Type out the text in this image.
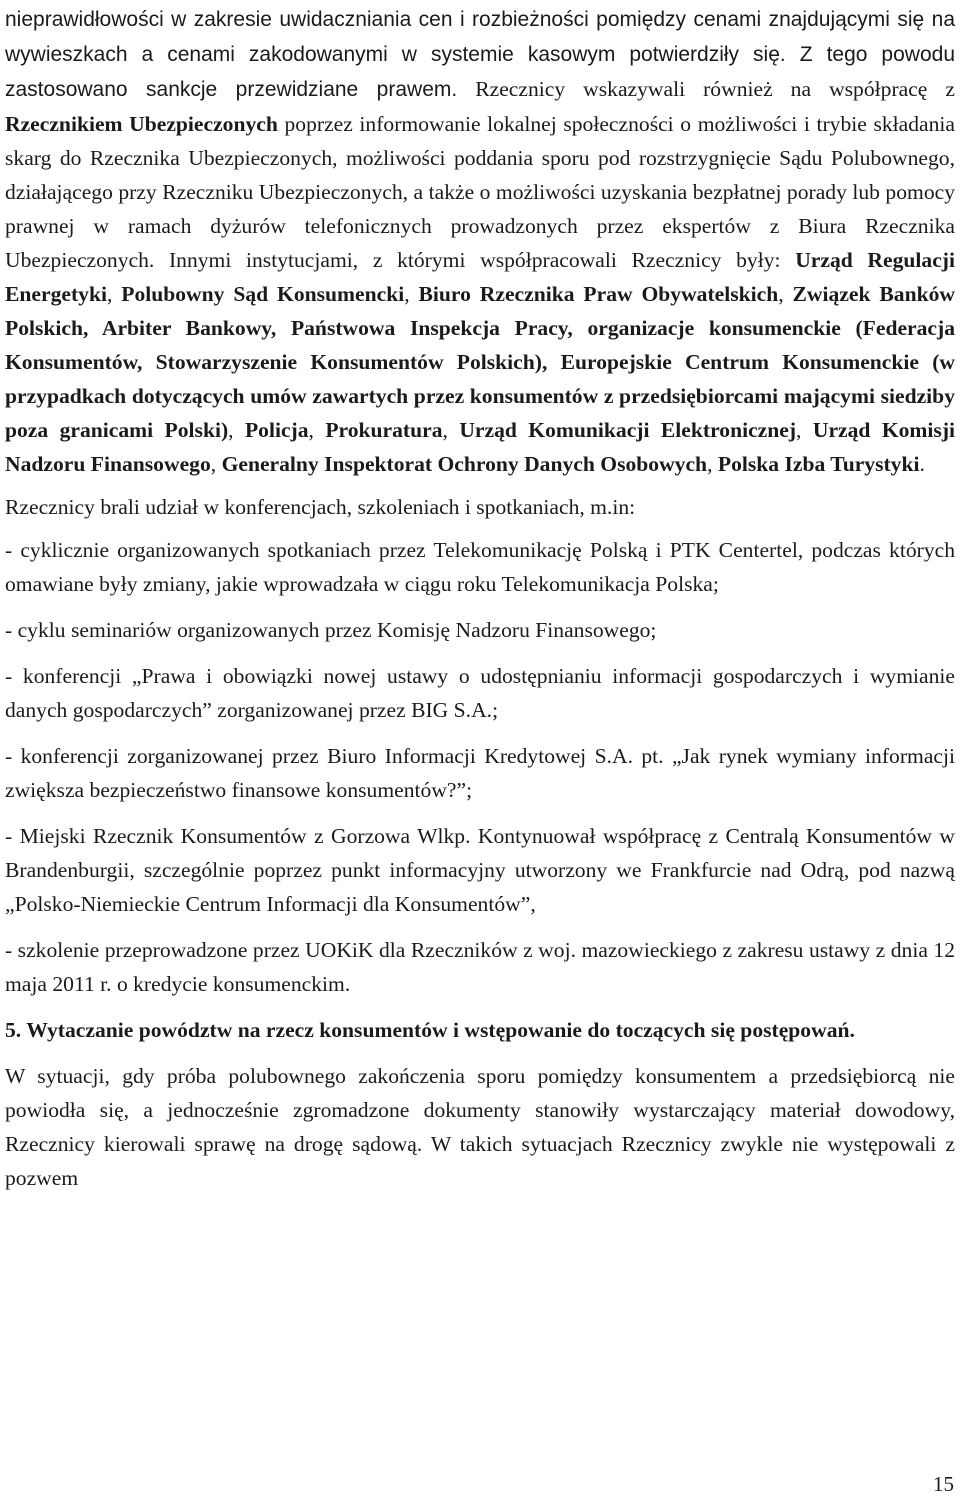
nieprawidłowości w zakresie uwidaczniania cen i rozbieżności pomiędzy cenami znajdującymi się na wywieszkach a cenami zakodowanymi w systemie kasowym potwierdziły się. Z tego powodu zastosowano sankcje przewidziane prawem. Rzecznicy wskazywali również na współpracę z Rzecznikiem Ubezpieczonych poprzez informowanie lokalnej społeczności o możliwości i trybie składania skarg do Rzecznika Ubezpieczonych, możliwości poddania sporu pod rozstrzygnięcie Sądu Polubownego, działającego przy Rzeczniku Ubezpieczonych, a także o możliwości uzyskania bezpłatnej porady lub pomocy prawnej w ramach dyżurów telefonicznych prowadzonych przez ekspertów z Biura Rzecznika Ubezpieczonych. Innymi instytucjami, z którymi współpracowali Rzecznicy były: Urząd Regulacji Energetyki, Polubowny Sąd Konsumencki, Biuro Rzecznika Praw Obywatelskich, Związek Banków Polskich, Arbiter Bankowy, Państwowa Inspekcja Pracy, organizacje konsumenckie (Federacja Konsumentów, Stowarzyszenie Konsumentów Polskich), Europejskie Centrum Konsumenckie (w przypadkach dotyczących umów zawartych przez konsumentów z przedsiębiorcami mającymi siedziby poza granicami Polski), Policja, Prokuratura, Urząd Komunikacji Elektronicznej, Urząd Komisji Nadzoru Finansowego, Generalny Inspektorat Ochrony Danych Osobowych, Polska Izba Turystyki.

Rzecznicy brali udział w konferencjach, szkoleniach i spotkaniach, m.in:

- cyklicznie organizowanych spotkaniach przez Telekomunikację Polską i PTK Centertel, podczas których omawiane były zmiany, jakie wprowadzała w ciągu roku Telekomunikacja Polska;

- cyklu seminariów organizowanych przez Komisję Nadzoru Finansowego;

- konferencji „Prawa i obowiązki nowej ustawy o udostępnianiu informacji gospodarczych i wymianie danych gospodarczych” zorganizowanej przez BIG S.A.;

- konferencji zorganizowanej przez Biuro Informacji Kredytowej S.A. pt. „Jak rynek wymiany informacji zwiększa bezpieczeństwo finansowe konsumentów?”;

- Miejski Rzecznik Konsumentów z Gorzowa Wlkp. Kontynuował współpracę z Centralą Konsumentów w Brandenburgii, szczególnie poprzez punkt informacyjny utworzony we Frankfurcie nad Odrą, pod nazwą „Polsko-Niemieckie Centrum Informacji dla Konsumentów”,

- szkolenie przeprowadzone przez UOKiK dla Rzeczników z woj. mazowieckiego z zakresu ustawy z dnia 12 maja 2011 r. o kredycie konsumenckim.

5. Wytaczanie powództw na rzecz konsumentów i wstępowanie do toczących się postępowań.

W sytuacji, gdy próba polubownego zakończenia sporu pomiędzy konsumentem a przedsiębiorcą nie powiodła się, a jednocześnie zgromadzone dokumenty stanowiły wystarczający materiał dowodowy, Rzecznicy kierowali sprawę na drogę sądową. W takich sytuacjach Rzecznicy zwykle nie występowali z pozwem

15
